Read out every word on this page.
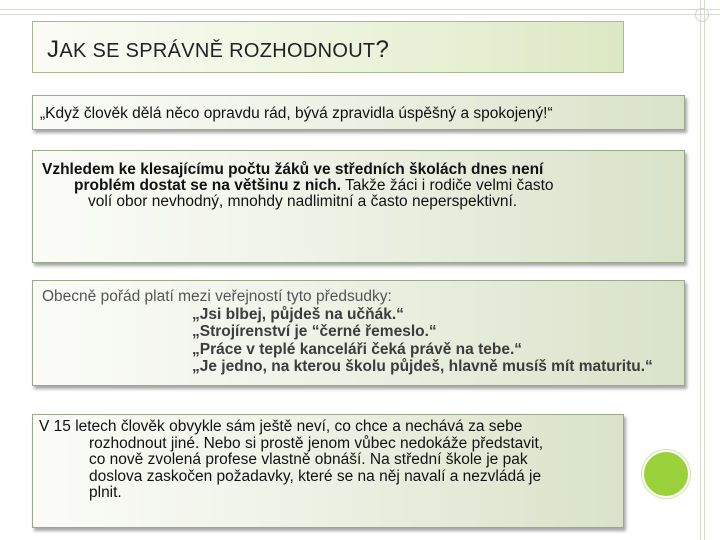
JAK SE SPRÁVNĚ ROZHODNOUT?
„Když člověk dělá něco opravdu rád, bývá zpravidla úspěšný a spokojený!“
Vzhledem ke klesajícímu počtu žáků ve středních školách dnes není
problém dostat se na většinu z nich. Takže žáci i rodiče velmi často
volí obor nevhodný, mnohdy nadlimitní a často neperspektivní.
Obecně pořád platí mezi veřejností tyto předsudky:
„Jsi blbej, půjdeš na učňák.“
„Strojírenství je “černé řemeslo.“
„Práce v teplé kanceláři čeká právě na tebe.“
„Je jedno, na kterou školu půjdeš, hlavně musíš mít maturitu.“
V 15 letech člověk obvykle sám ještě neví, co chce a nechává za sebe
rozhodnout jiné. Nebo si prostě jenom vůbec nedokáže představit,
co nově zvolená profese vlastně obnáší. Na střední škole je pak
doslova zaskočen požadavky, které se na něj navalí a nezvládá je
plnit.
